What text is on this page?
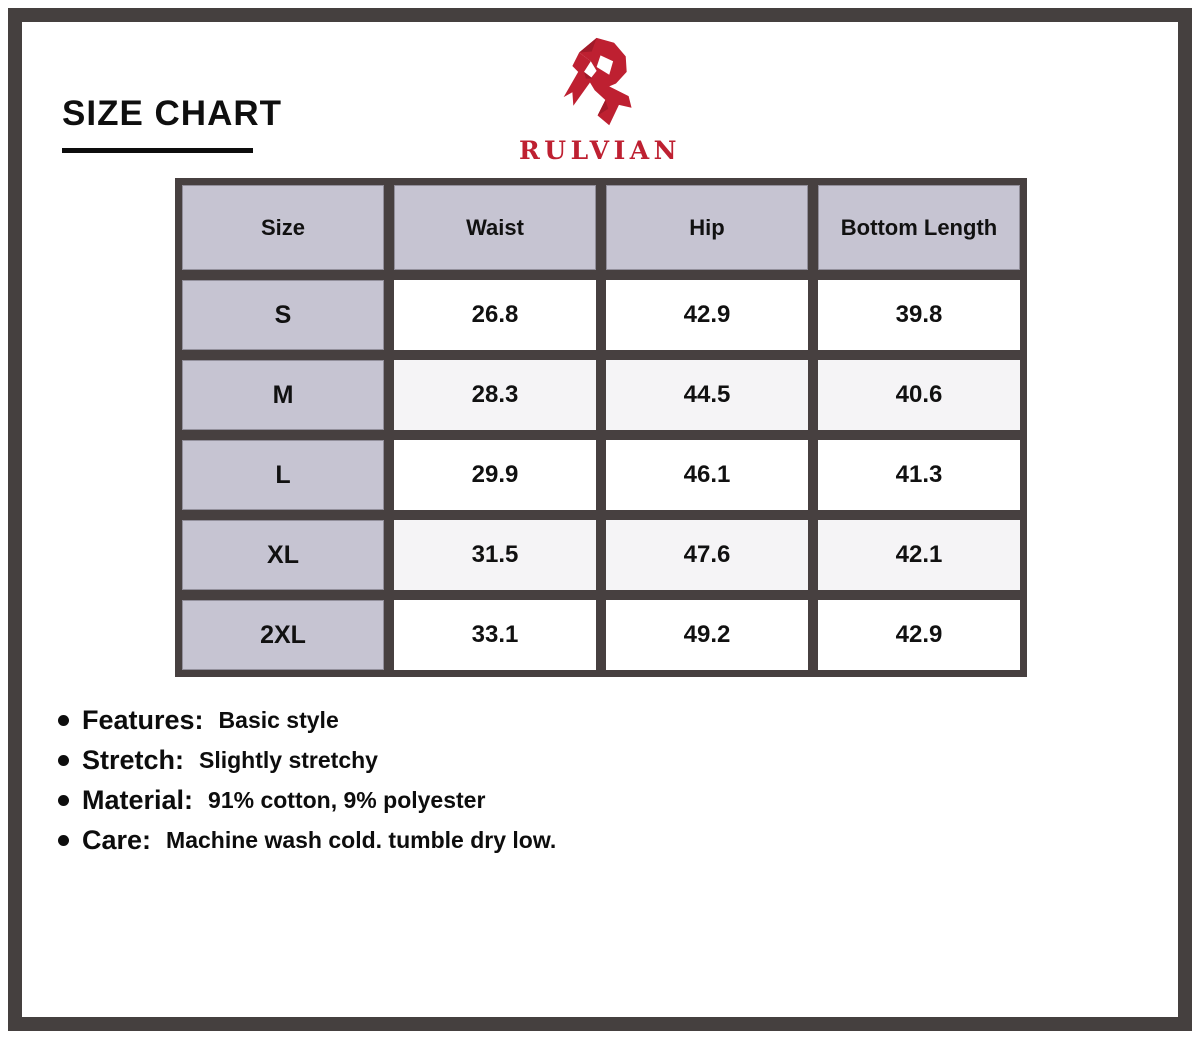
SIZE CHART
RULVIAN
Size	Waist	Hip	Bottom Length
S	26.8	42.9	39.8
M	28.3	44.5	40.6
L	29.9	46.1	41.3
XL	31.5	47.6	42.1
2XL	33.1	49.2	42.9
Features: Basic style
Stretch: Slightly stretchy
Material: 91% cotton, 9% polyester
Care: Machine wash cold. tumble dry low.
